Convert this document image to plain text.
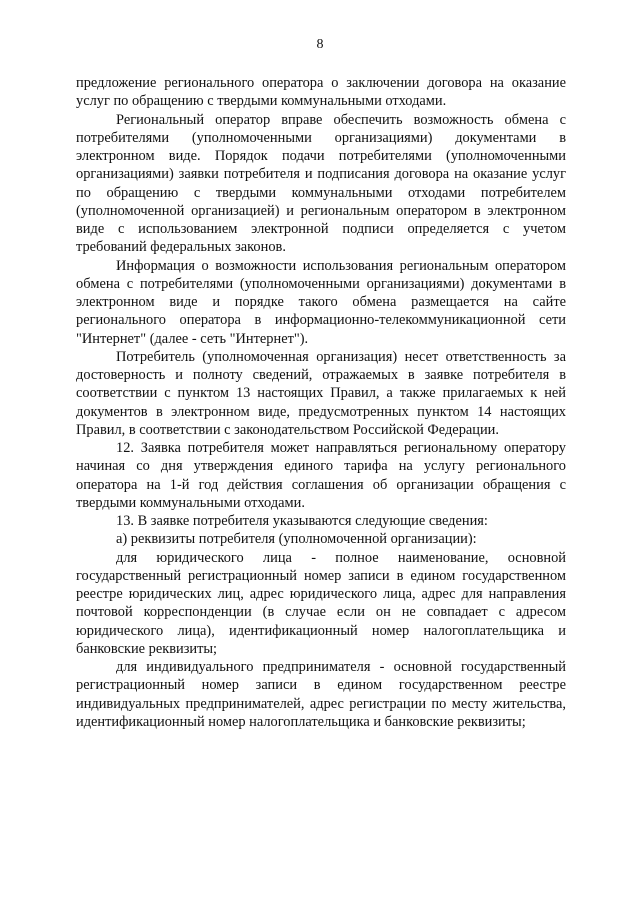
8

предложение регионального оператора о заключении договора на оказание услуг по обращению с твердыми коммунальными отходами.

Региональный оператор вправе обеспечить возможность обмена с потребителями (уполномоченными организациями) документами в электронном виде. Порядок подачи потребителями (уполномоченными организациями) заявки потребителя и подписания договора на оказание услуг по обращению с твердыми коммунальными отходами потребителем (уполномоченной организацией) и региональным оператором в электронном виде с использованием электронной подписи определяется с учетом требований федеральных законов.

Информация о возможности использования региональным оператором обмена с потребителями (уполномоченными организациями) документами в электронном виде и порядке такого обмена размещается на сайте регионального оператора в информационно-телекоммуникационной сети "Интернет" (далее - сеть "Интернет").

Потребитель (уполномоченная организация) несет ответственность за достоверность и полноту сведений, отражаемых в заявке потребителя в соответствии с пунктом 13 настоящих Правил, а также прилагаемых к ней документов в электронном виде, предусмотренных пунктом 14 настоящих Правил, в соответствии с законодательством Российской Федерации.

12. Заявка потребителя может направляться региональному оператору начиная со дня утверждения единого тарифа на услугу регионального оператора на 1-й год действия соглашения об организации обращения с твердыми коммунальными отходами.

13. В заявке потребителя указываются следующие сведения:

а) реквизиты потребителя (уполномоченной организации):

для юридического лица - полное наименование, основной государственный регистрационный номер записи в едином государственном реестре юридических лиц, адрес юридического лица, адрес для направления почтовой корреспонденции (в случае если он не совпадает с адресом юридического лица), идентификационный номер налогоплательщика и банковские реквизиты;

для индивидуального предпринимателя - основной государственный регистрационный номер записи в едином государственном реестре индивидуальных предпринимателей, адрес регистрации по месту жительства, идентификационный номер налогоплательщика и банковские реквизиты;
